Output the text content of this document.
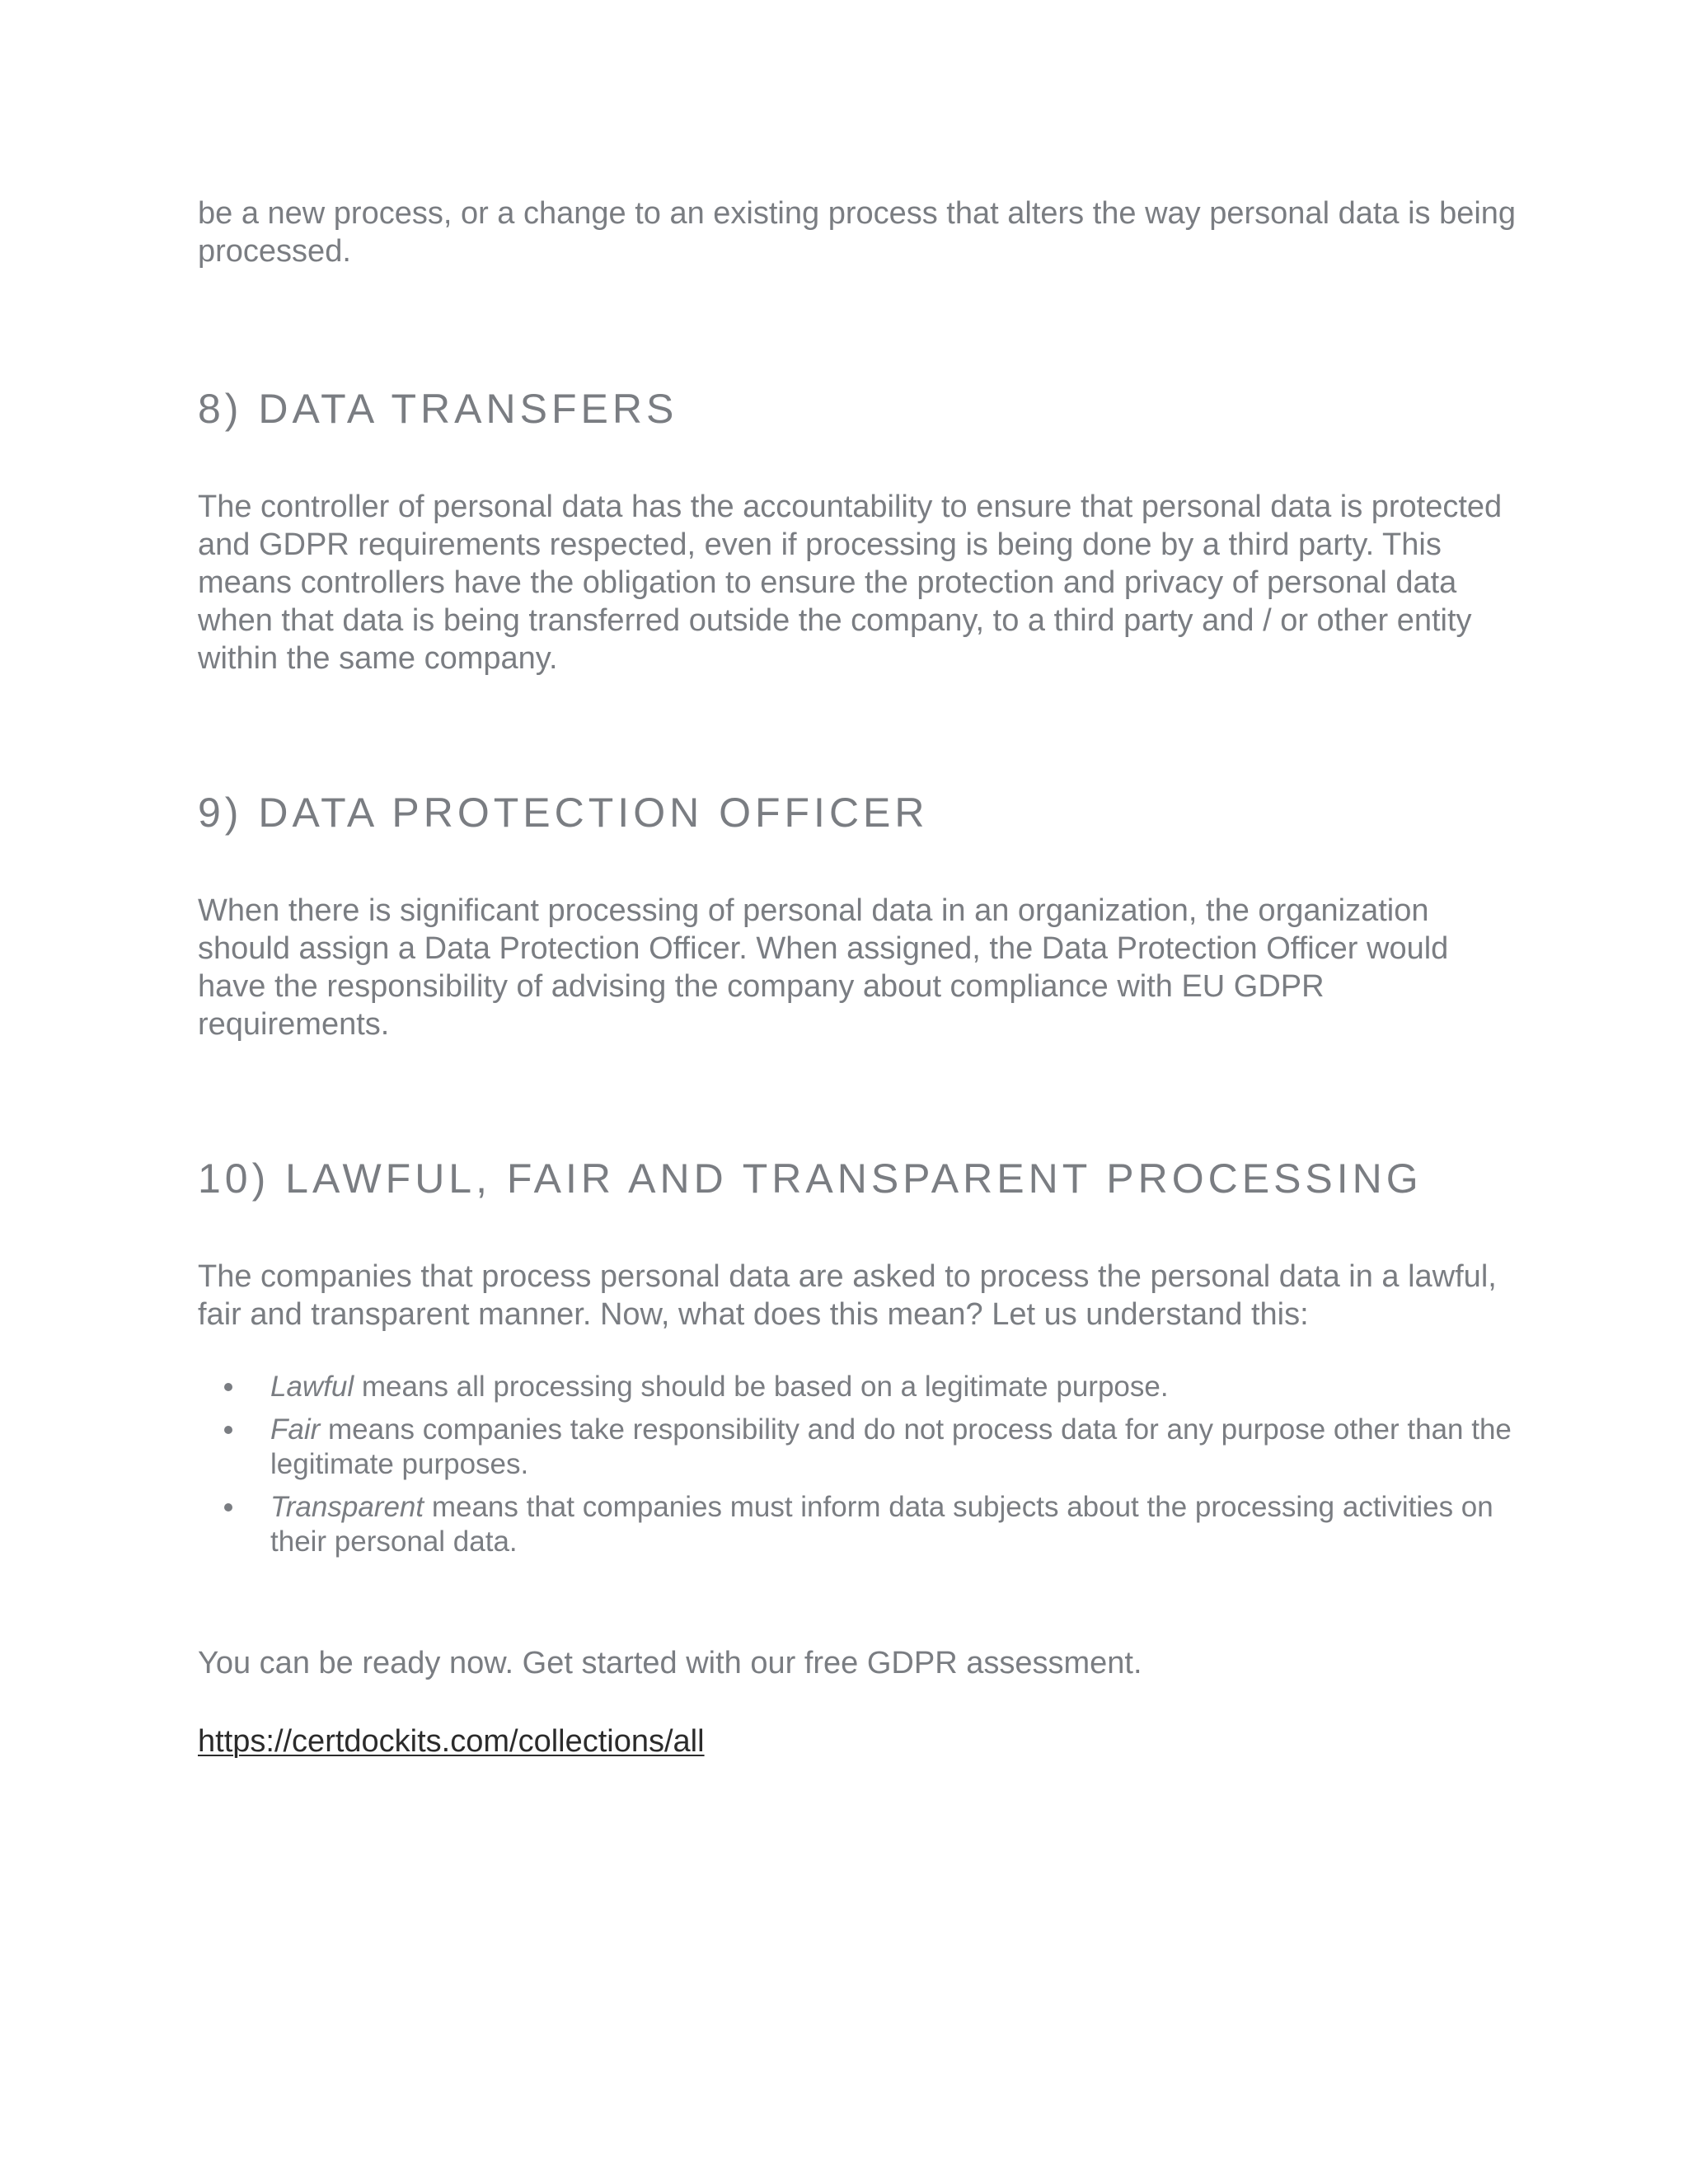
be a new process, or a change to an existing process that alters the way personal data is being processed.

8) DATA TRANSFERS

The controller of personal data has the accountability to ensure that personal data is protected and GDPR requirements respected, even if processing is being done by a third party. This means controllers have the obligation to ensure the protection and privacy of personal data when that data is being transferred outside the company, to a third party and / or other entity within the same company.

9) DATA PROTECTION OFFICER

When there is significant processing of personal data in an organization, the organization should assign a Data Protection Officer. When assigned, the Data Protection Officer would have the responsibility of advising the company about compliance with EU GDPR requirements.

10) LAWFUL, FAIR AND TRANSPARENT PROCESSING

The companies that process personal data are asked to process the personal data in a lawful, fair and transparent manner. Now, what does this mean? Let us understand this:

Lawful means all processing should be based on a legitimate purpose.
Fair means companies take responsibility and do not process data for any purpose other than the legitimate purposes.
Transparent means that companies must inform data subjects about the processing activities on their personal data.

You can be ready now. Get started with our free GDPR assessment.

https://certdockits.com/collections/all
